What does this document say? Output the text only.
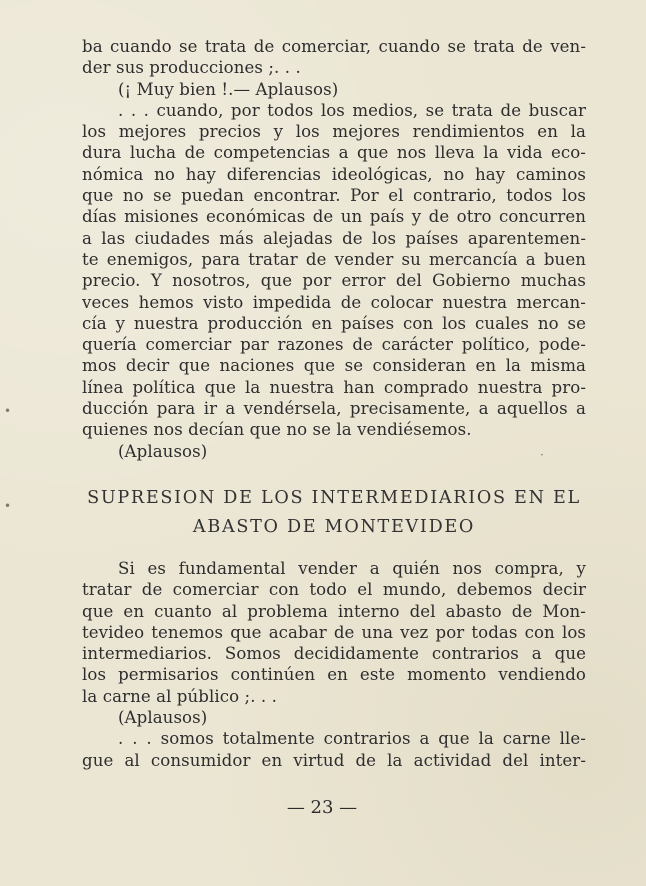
ba cuando se trata de comerciar, cuando se trata de ven-
der sus producciones ;. . .
(¡ Muy bien !.— Aplausos)
. . . cuando, por todos los medios, se trata de buscar
los mejores precios y los mejores rendimientos en la
dura lucha de competencias a que nos lleva la vida eco-
nómica no hay diferencias ideológicas, no hay caminos
que no se puedan encontrar. Por el contrario, todos los
días misiones económicas de un país y de otro concurren
a las ciudades más alejadas de los países aparentemen-
te enemigos, para tratar de vender su mercancía a buen
precio. Y nosotros, que por error del Gobierno muchas
veces hemos visto impedida de colocar nuestra mercan-
cía y nuestra producción en países con los cuales no se
quería comerciar par razones de carácter político, pode-
mos decir que naciones que se consideran en la misma
línea política que la nuestra han comprado nuestra pro-
ducción para ir a vendérsela, precisamente, a aquellos a
quienes nos decían que no se la vendiésemos.
(Aplausos)
SUPRESION DE LOS INTERMEDIARIOS EN EL
ABASTO DE MONTEVIDEO
Si es fundamental vender a quién nos compra, y
tratar de comerciar con todo el mundo, debemos decir
que en cuanto al problema interno del abasto de Mon-
tevideo tenemos que acabar de una vez por todas con los
intermediarios. Somos decididamente contrarios a que
los permisarios continúen en este momento vendiendo
la carne al público ;. . .
(Aplausos)
. . . somos totalmente contrarios a que la carne lle-
gue al consumidor en virtud de la actividad del inter-
— 23 —
•
•
·
